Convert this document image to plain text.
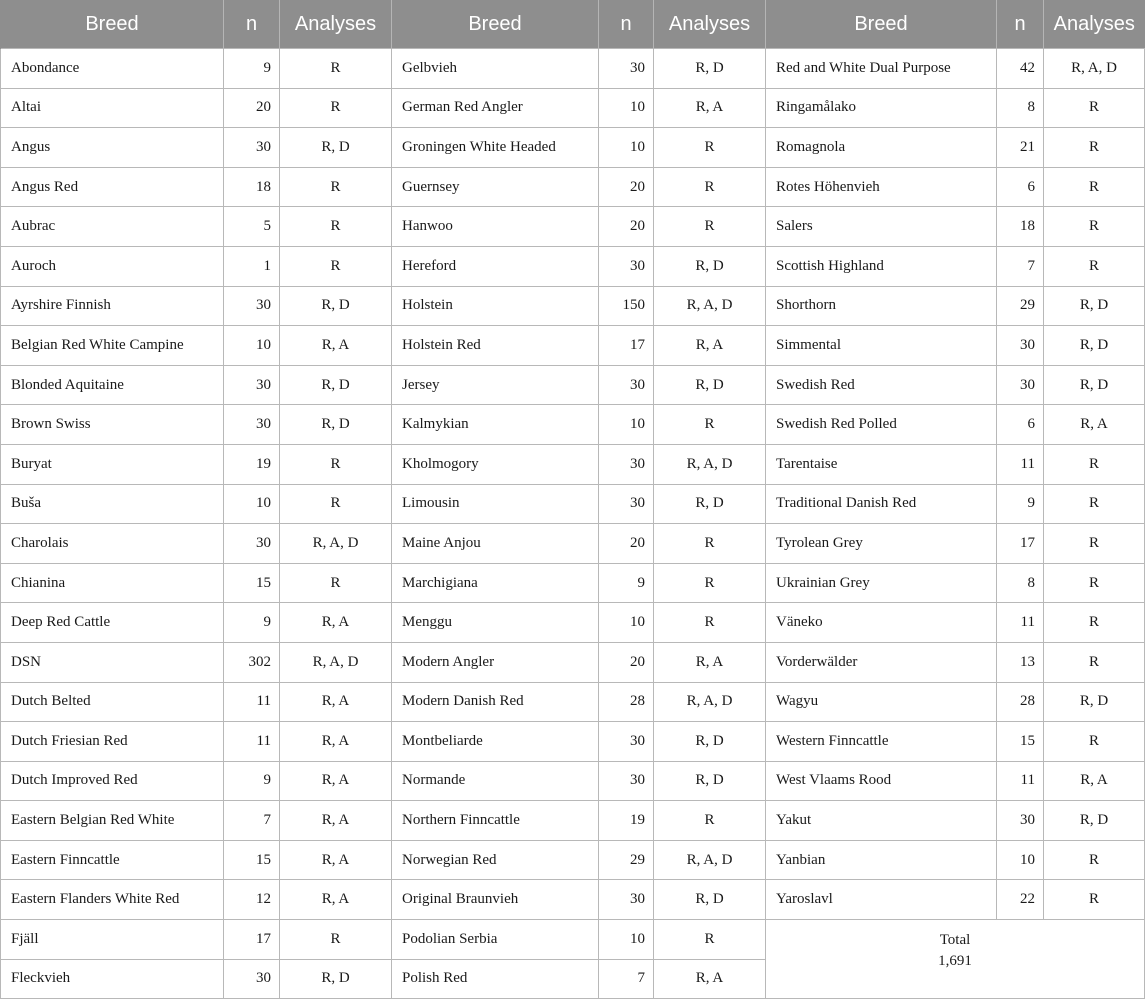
Breed	n	Analyses	Breed	n	Analyses	Breed	n	Analyses
Abondance	9	R	Gelbvieh	30	R, D	Red and White Dual Purpose	42	R, A, D
Altai	20	R	German Red Angler	10	R, A	Ringamålako	8	R
Angus	30	R, D	Groningen White Headed	10	R	Romagnola	21	R
Angus Red	18	R	Guernsey	20	R	Rotes Höhenvieh	6	R
Aubrac	5	R	Hanwoo	20	R	Salers	18	R
Auroch	1	R	Hereford	30	R, D	Scottish Highland	7	R
Ayrshire Finnish	30	R, D	Holstein	150	R, A, D	Shorthorn	29	R, D
Belgian Red White Campine	10	R, A	Holstein Red	17	R, A	Simmental	30	R, D
Blonded Aquitaine	30	R, D	Jersey	30	R, D	Swedish Red	30	R, D
Brown Swiss	30	R, D	Kalmykian	10	R	Swedish Red Polled	6	R, A
Buryat	19	R	Kholmogory	30	R, A, D	Tarentaise	11	R
Buša	10	R	Limousin	30	R, D	Traditional Danish Red	9	R
Charolais	30	R, A, D	Maine Anjou	20	R	Tyrolean Grey	17	R
Chianina	15	R	Marchigiana	9	R	Ukrainian Grey	8	R
Deep Red Cattle	9	R, A	Menggu	10	R	Väneko	11	R
DSN	302	R, A, D	Modern Angler	20	R, A	Vorderwälder	13	R
Dutch Belted	11	R, A	Modern Danish Red	28	R, A, D	Wagyu	28	R, D
Dutch Friesian Red	11	R, A	Montbeliarde	30	R, D	Western Finncattle	15	R
Dutch Improved Red	9	R, A	Normande	30	R, D	West Vlaams Rood	11	R, A
Eastern Belgian Red White	7	R, A	Northern Finncattle	19	R	Yakut	30	R, D
Eastern Finncattle	15	R, A	Norwegian Red	29	R, A, D	Yanbian	10	R
Eastern Flanders White Red	12	R, A	Original Braunvieh	30	R, D	Yaroslavl	22	R
Fjäll	17	R	Podolian Serbia	10	R	Total
1,691		

Fleckvieh	30	R, D	Polish Red	7	R, A			
